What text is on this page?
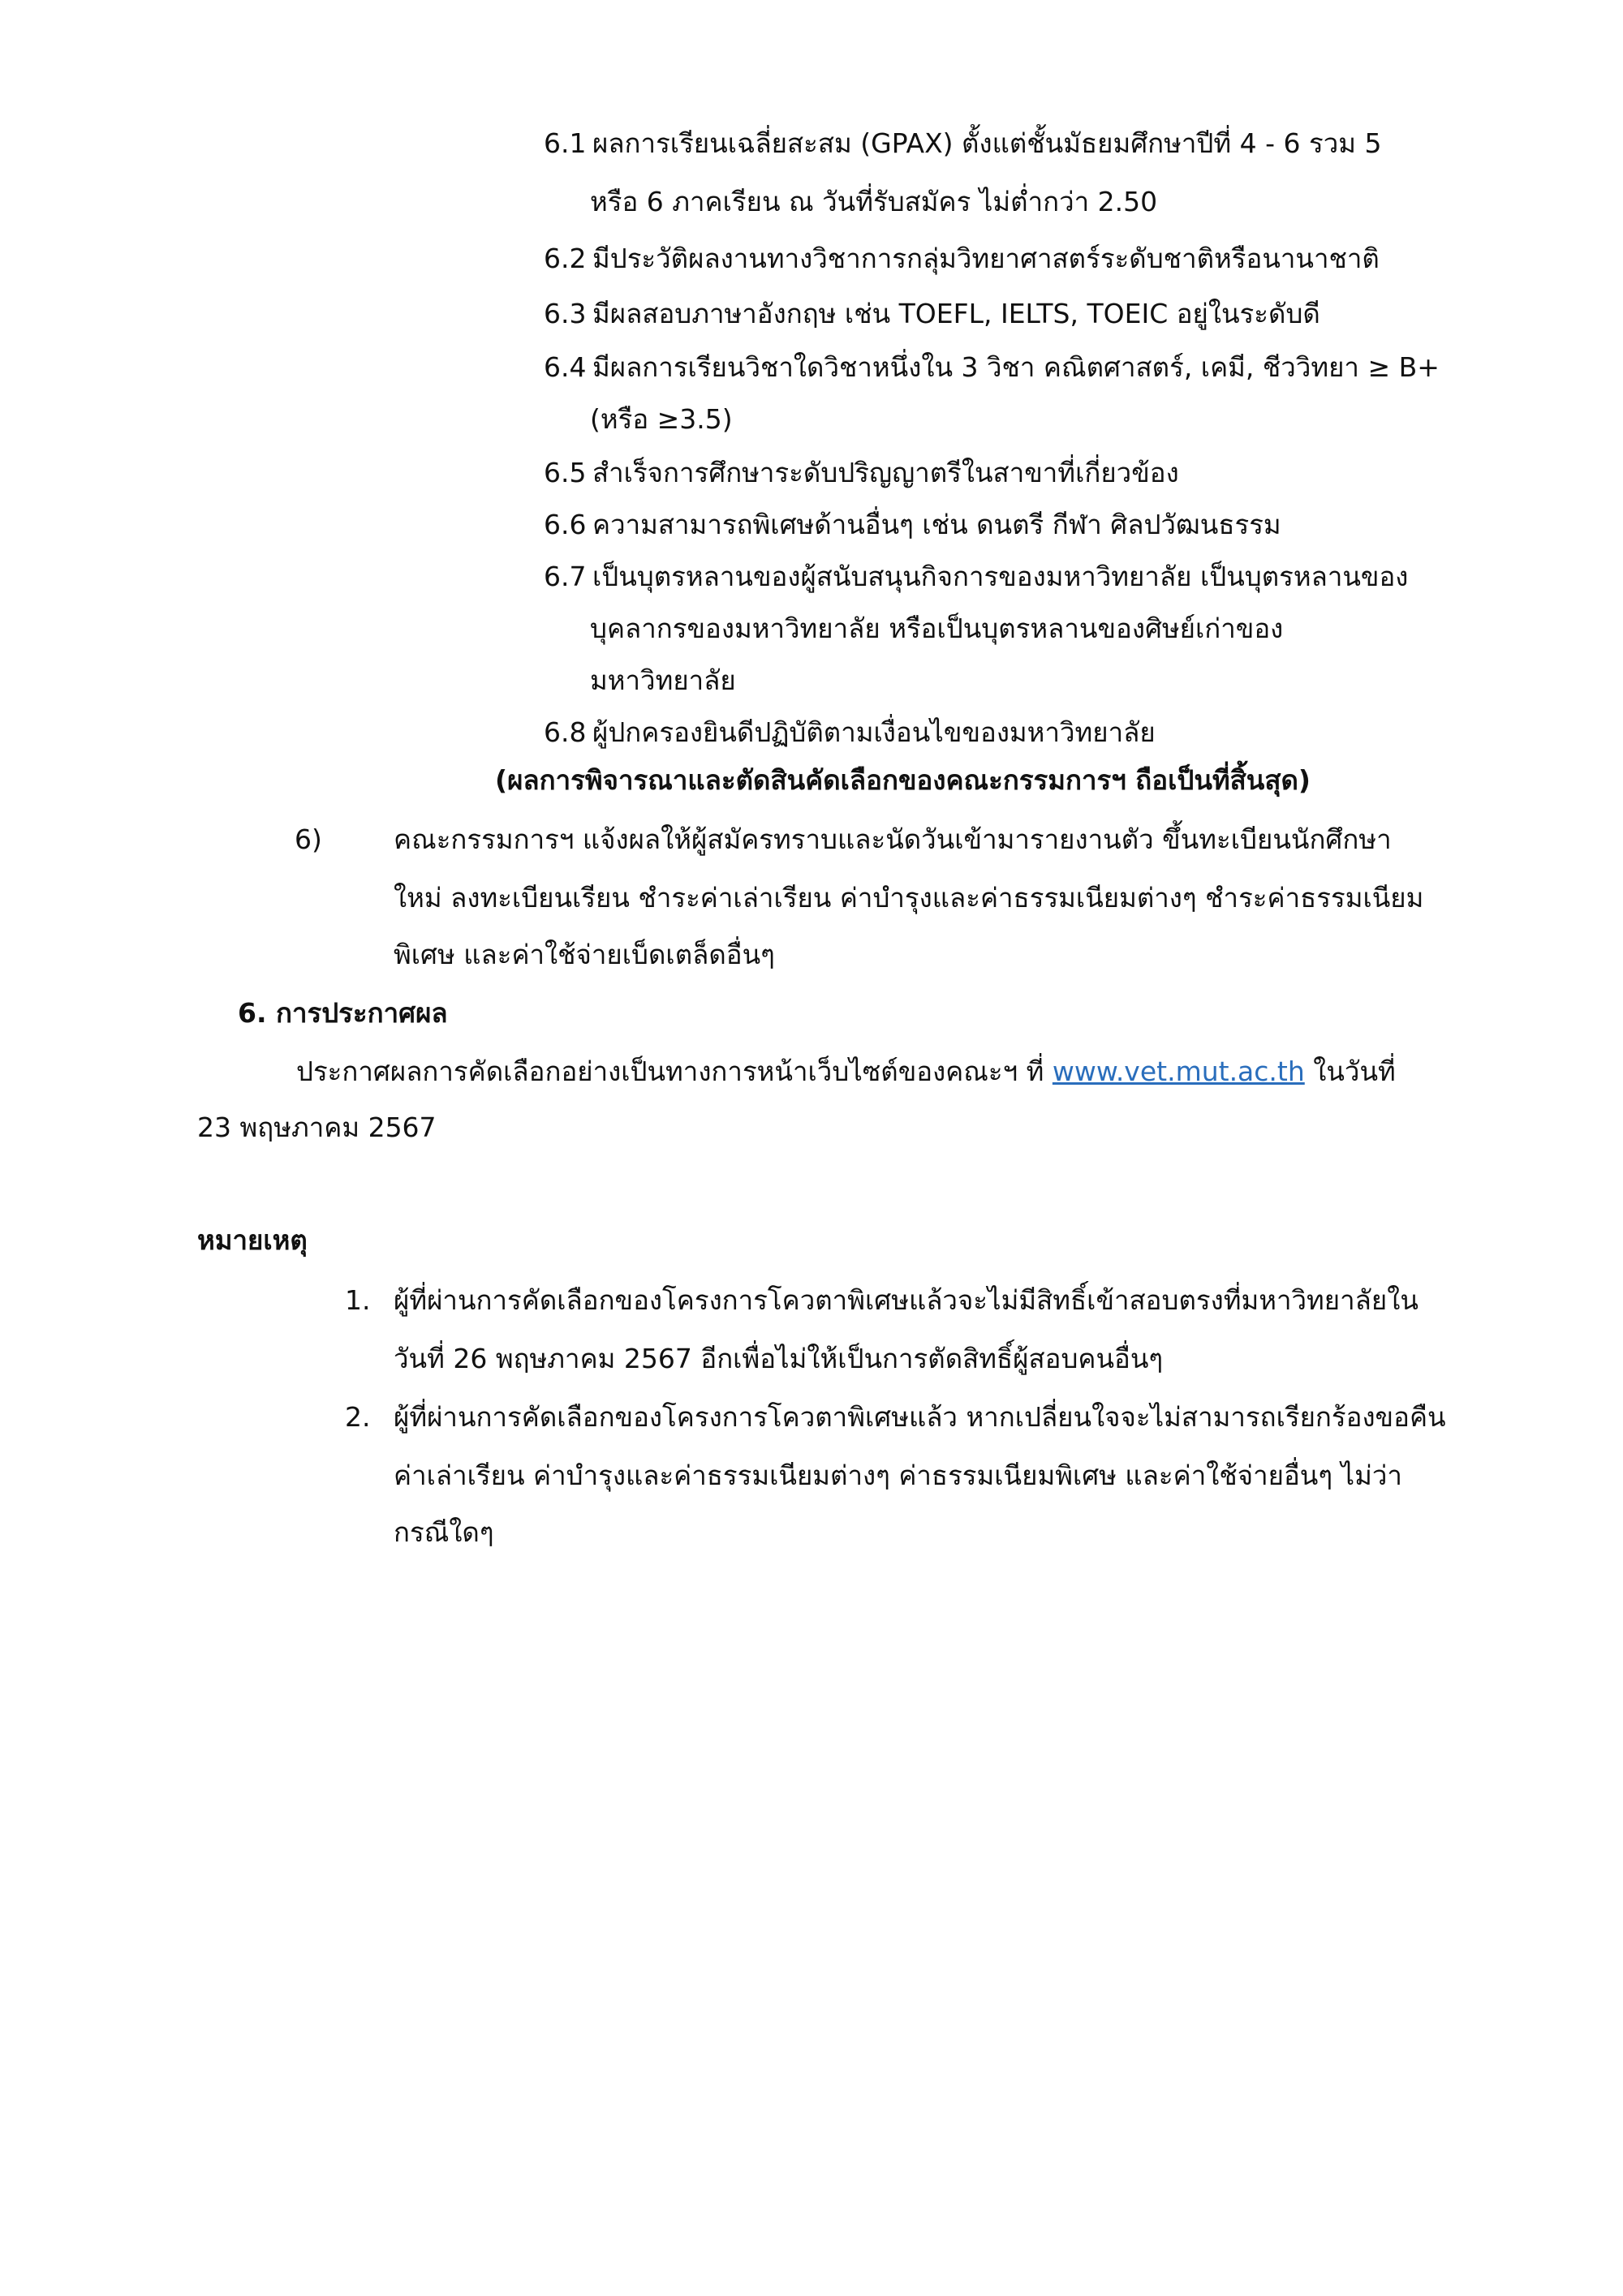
6.1 ผลการเรียนเฉลี่ยสะสม (GPAX) ตั้งแต่ชั้นมัธยมศึกษาปีที่ 4 - 6 รวม 5
หรือ 6 ภาคเรียน ณ วันที่รับสมัคร ไม่ต่ำกว่า 2.50
6.2 มีประวัติผลงานทางวิชาการกลุ่มวิทยาศาสตร์ระดับชาติหรือนานาชาติ
6.3 มีผลสอบภาษาอังกฤษ เช่น TOEFL, IELTS, TOEIC อยู่ในระดับดี
6.4 มีผลการเรียนวิชาใดวิชาหนึ่งใน 3 วิชา คณิตศาสตร์, เคมี, ชีววิทยา ≥ B+
(หรือ ≥3.5)
6.5 สำเร็จการศึกษาระดับปริญญาตรีในสาขาที่เกี่ยวข้อง
6.6 ความสามารถพิเศษด้านอื่นๆ เช่น ดนตรี กีฬา ศิลปวัฒนธรรม
6.7 เป็นบุตรหลานของผู้สนับสนุนกิจการของมหาวิทยาลัย เป็นบุตรหลานของ
บุคลากรของมหาวิทยาลัย หรือเป็นบุตรหลานของศิษย์เก่าของ
มหาวิทยาลัย
6.8 ผู้ปกครองยินดีปฏิบัติตามเงื่อนไขของมหาวิทยาลัย
(ผลการพิจารณาและตัดสินคัดเลือกของคณะกรรมการฯ ถือเป็นที่สิ้นสุด)
6)	คณะกรรมการฯ แจ้งผลให้ผู้สมัครทราบและนัดวันเข้ามารายงานตัว ขึ้นทะเบียนนักศึกษา
ใหม่ ลงทะเบียนเรียน ชำระค่าเล่าเรียน ค่าบำรุงและค่าธรรมเนียมต่างๆ ชำระค่าธรรมเนียม
พิเศษ และค่าใช้จ่ายเบ็ดเตล็ดอื่นๆ
6. การประกาศผล
ประกาศผลการคัดเลือกอย่างเป็นทางการหน้าเว็บไซต์ของคณะฯ ที่ www.vet.mut.ac.th ในวันที่
23 พฤษภาคม 2567
หมายเหตุ
1. ผู้ที่ผ่านการคัดเลือกของโครงการโควตาพิเศษแล้วจะไม่มีสิทธิ์เข้าสอบตรงที่มหาวิทยาลัยใน
วันที่ 26 พฤษภาคม 2567 อีกเพื่อไม่ให้เป็นการตัดสิทธิ์ผู้สอบคนอื่นๆ
2. ผู้ที่ผ่านการคัดเลือกของโครงการโควตาพิเศษแล้ว หากเปลี่ยนใจจะไม่สามารถเรียกร้องขอคืน
ค่าเล่าเรียน ค่าบำรุงและค่าธรรมเนียมต่างๆ ค่าธรรมเนียมพิเศษ และค่าใช้จ่ายอื่นๆ ไม่ว่า
กรณีใดๆ
